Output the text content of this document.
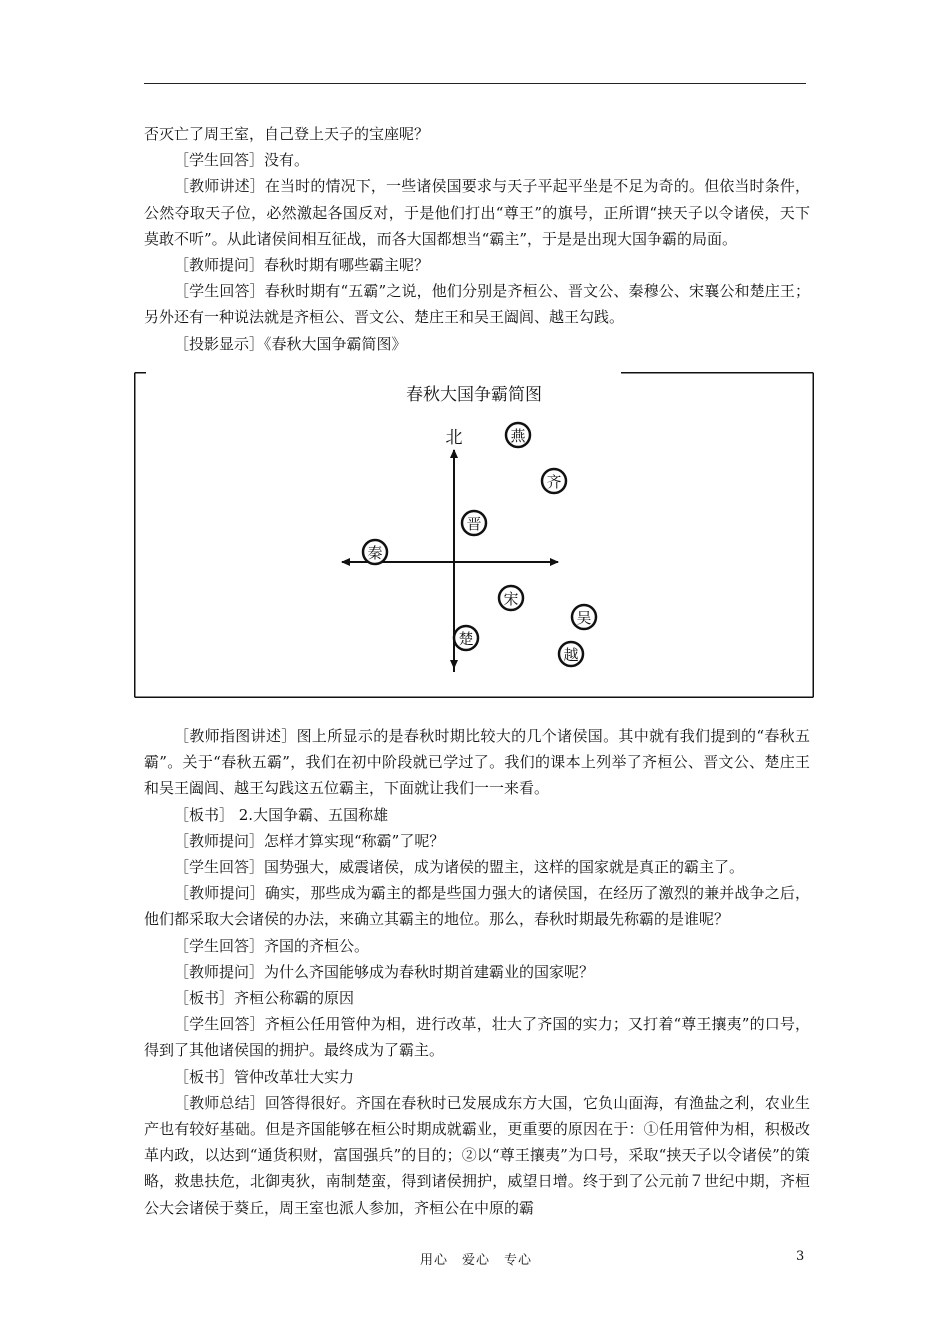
否灭亡了周王室，自己登上天子的宝座呢？

［学生回答］没有。

［教师讲述］在当时的情况下，一些诸侯国要求与天子平起平坐是不足为奇的。但依当时条件，公然夺取天子位，必然激起各国反对，于是他们打出“尊王”的旗号，正所谓“挟天子以令诸侯，天下莫敢不听”。从此诸侯间相互征战，而各大国都想当“霸主”，于是是出现大国争霸的局面。

［教师提问］春秋时期有哪些霸主呢？

［学生回答］春秋时期有“五霸”之说，他们分别是齐桓公、晋文公、秦穆公、宋襄公和楚庄王；另外还有一种说法就是齐桓公、晋文公、楚庄王和吴王阖闾、越王勾践。

［投影显示］《春秋大国争霸简图》

春秋大国争霸简图
北	燕
齐
晋
秦
宋
吴
楚
越

［教师指图讲述］图上所显示的是春秋时期比较大的几个诸侯国。其中就有我们提到的“春秋五霸”。关于“春秋五霸”，我们在初中阶段就已学过了。我们的课本上列举了齐桓公、晋文公、楚庄王和吴王阖闾、越王勾践这五位霸主，下面就让我们一一来看。

［板书］ 2.大国争霸、五国称雄

［教师提问］怎样才算实现“称霸”了呢？

［学生回答］国势强大，威震诸侯，成为诸侯的盟主，这样的国家就是真正的霸主了。

［教师提问］确实，那些成为霸主的都是些国力强大的诸侯国，在经历了激烈的兼并战争之后，他们都采取大会诸侯的办法，来确立其霸主的地位。那么，春秋时期最先称霸的是谁呢？

［学生回答］齐国的齐桓公。

［教师提问］为什么齐国能够成为春秋时期首建霸业的国家呢？

［板书］齐桓公称霸的原因

［学生回答］齐桓公任用管仲为相，进行改革，壮大了齐国的实力；又打着“尊王攘夷”的口号，得到了其他诸侯国的拥护。最终成为了霸主。

［板书］管仲改革壮大实力

［教师总结］回答得很好。齐国在春秋时已发展成东方大国，它负山面海，有渔盐之利，农业生产也有较好基础。但是齐国能够在桓公时期成就霸业，更重要的原因在于：①任用管仲为相，积极改革内政，以达到“通货积财，富国强兵”的目的；②以“尊王攘夷”为口号，采取“挟天子以令诸侯”的策略，救患扶危，北御夷狄，南制楚蛮，得到诸侯拥护，威望日增。终于到了公元前７世纪中期，齐桓公大会诸侯于葵丘，周王室也派人参加，齐桓公在中原的霸

用心　爱心　专心	3
